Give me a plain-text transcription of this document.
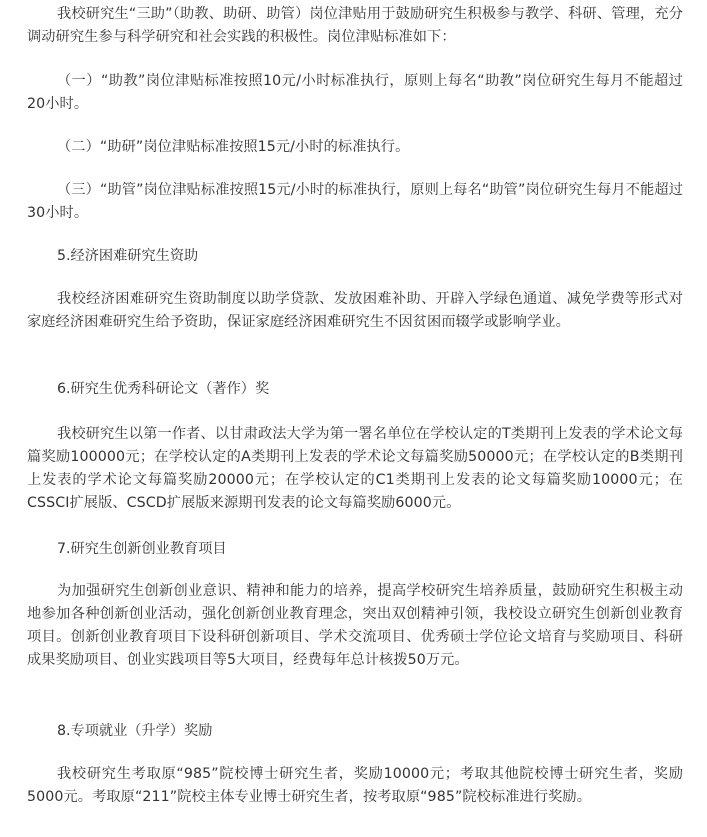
我校研究生“三助”（助教、助研、助管）岗位津贴用于鼓励研究生积极参与教学、科研、管理，充分调动研究生参与科学研究和社会实践的积极性。岗位津贴标准如下：

（一）“助教”岗位津贴标准按照10元/小时标准执行，原则上每名“助教”岗位研究生每月不能超过20小时。

（二）“助研”岗位津贴标准按照15元/小时的标准执行。

（三）“助管”岗位津贴标准按照15元/小时的标准执行，原则上每名“助管”岗位研究生每月不能超过30小时。

5.经济困难研究生资助

我校经济困难研究生资助制度以助学贷款、发放困难补助、开辟入学绿色通道、减免学费等形式对家庭经济困难研究生给予资助，保证家庭经济困难研究生不因贫困而辍学或影响学业。

6.研究生优秀科研论文（著作）奖

我校研究生以第一作者、以甘肃政法大学为第一署名单位在学校认定的T类期刊上发表的学术论文每篇奖励100000元；在学校认定的A类期刊上发表的学术论文每篇奖励50000元；在学校认定的B类期刊上发表的学术论文每篇奖励20000元；在学校认定的C1类期刊上发表的论文每篇奖励10000元；在CSSCI扩展版、CSCD扩展版来源期刊发表的论文每篇奖励6000元。

7.研究生创新创业教育项目

为加强研究生创新创业意识、精神和能力的培养，提高学校研究生培养质量，鼓励研究生积极主动地参加各种创新创业活动，强化创新创业教育理念，突出双创精神引领，我校设立研究生创新创业教育项目。创新创业教育项目下设科研创新项目、学术交流项目、优秀硕士学位论文培育与奖励项目、科研成果奖励项目、创业实践项目等5大项目，经费每年总计核拨50万元。

8.专项就业（升学）奖励

我校研究生考取原“985”院校博士研究生者，奖励10000元；考取其他院校博士研究生者，奖励5000元。考取原“211”院校主体专业博士研究生者，按考取原“985”院校标准进行奖励。
